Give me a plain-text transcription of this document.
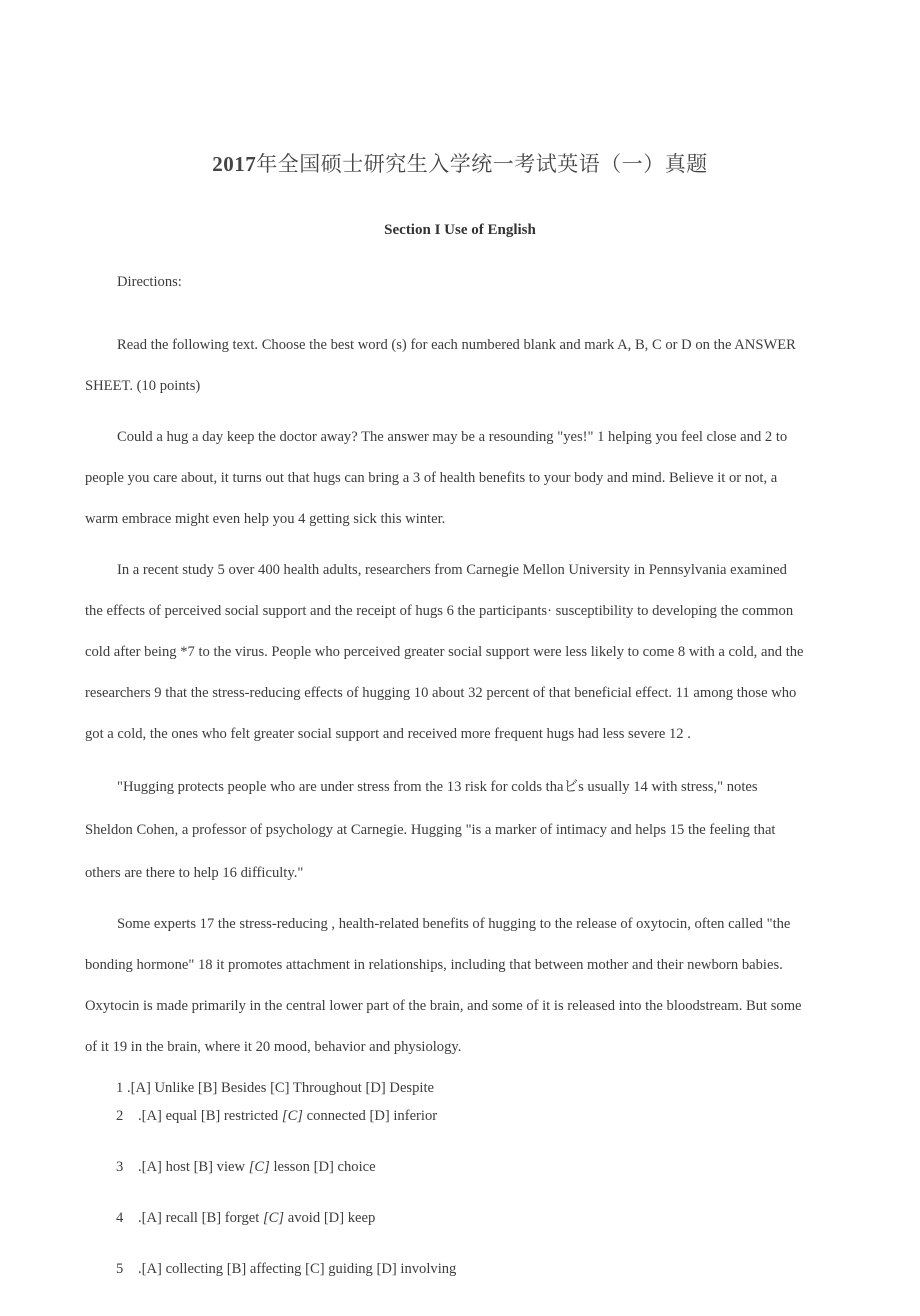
2017年全国硕士研究生入学统一考试英语（一）真题
Section I Use of English

Directions:

Read the following text. Choose the best word (s) for each numbered blank and mark A, B, C or D on the ANSWER

SHEET. (10 points)

Could a hug a day keep the doctor away? The answer may be a resounding "yes!" 1 helping you feel close and 2 to

people you care about, it turns out that hugs can bring a 3 of health benefits to your body and mind. Believe it or not, a

warm embrace might even help you 4 getting sick this winter.

In a recent study 5 over 400 health adults, researchers from Carnegie Mellon University in Pennsylvania examined

the effects of perceived social support and the receipt of hugs 6 the participants· susceptibility to developing the common

cold after being *7 to the virus. People who perceived greater social support were less likely to come 8 with a cold, and the

researchers 9 that the stress-reducing effects of hugging 10 about 32 percent of that beneficial effect. 11 among those who

got a cold, the ones who felt greater social support and received more frequent hugs had less severe 12 .

"Hugging protects people who are under stress from the 13 risk for colds thaビs usually 14 with stress," notes

Sheldon Cohen, a professor of psychology at Carnegie. Hugging "is a marker of intimacy and helps 15 the feeling that

others are there to help 16 difficulty."

Some experts 17 the stress-reducing , health-related benefits of hugging to the release of oxytocin, often called "the

bonding hormone" 18 it promotes attachment in relationships, including that between mother and their newborn babies.

Oxytocin is made primarily in the central lower part of the brain, and some of it is released into the bloodstream. But some

of it 19 in the brain, where it 20 mood, behavior and physiology.

1 .[A] Unlike [B] Besides [C] Throughout [D] Despite
2 .[A] equal [B] restricted [C] connected [D] inferior
3 .[A] host [B] view [C] lesson [D] choice
4 .[A] recall [B] forget [C] avoid [D] keep
5 .[A] collecting [B] affecting [C] guiding [D] involving
